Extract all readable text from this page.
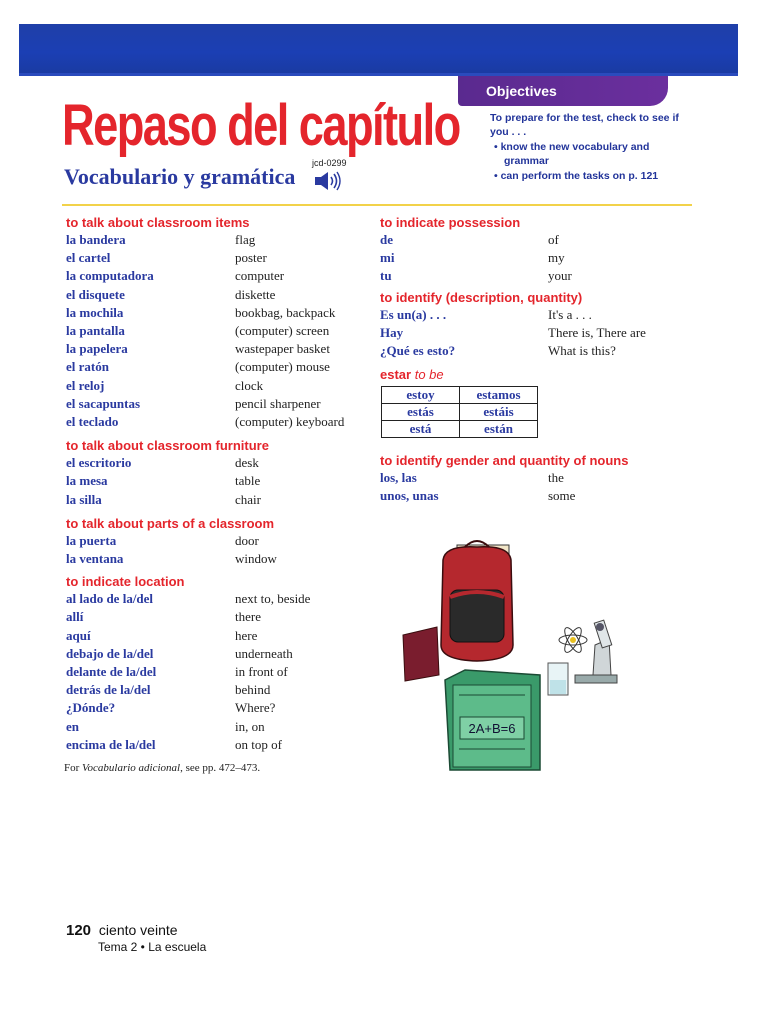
Objectives
To prepare for the test, check to see if you . . .
• know the new vocabulary and grammar
• can perform the tasks on p. 121
Repaso del capítulo
Vocabulario y gramática
jcd-0299
to talk about classroom items
la bandera	flag
el cartel	poster
la computadora	computer
el disquete	diskette
la mochila	bookbag, backpack
la pantalla	(computer) screen
la papelera	wastepaper basket
el ratón	(computer) mouse
el reloj	clock
el sacapuntas	pencil sharpener
el teclado	(computer) keyboard
to talk about classroom furniture
el escritorio	desk
la mesa	table
la silla	chair
to talk about parts of a classroom
la puerta	door
la ventana	window
to indicate location
al lado de la/del	next to, beside
allí	there
aquí	here
debajo de la/del	underneath
delante de la/del	in front of
detrás de la/del	behind
¿Dónde?	Where?
en	in, on
encima de la/del	on top of
For Vocabulario adicional, see pp. 472–473.
to indicate possession
de	of
mi	my
tu	your
to identify (description, quantity)
Es un(a) . . .	It's a . . .
Hay	There is, There are
¿Qué es esto?	What is this?
estar to be
estoy	estamos
estás	estáis
está	están
to identify gender and quantity of nouns
los, las	the
unos, unas	some
2A+B=6
120 ciento veinte
Tema 2 • La escuela
